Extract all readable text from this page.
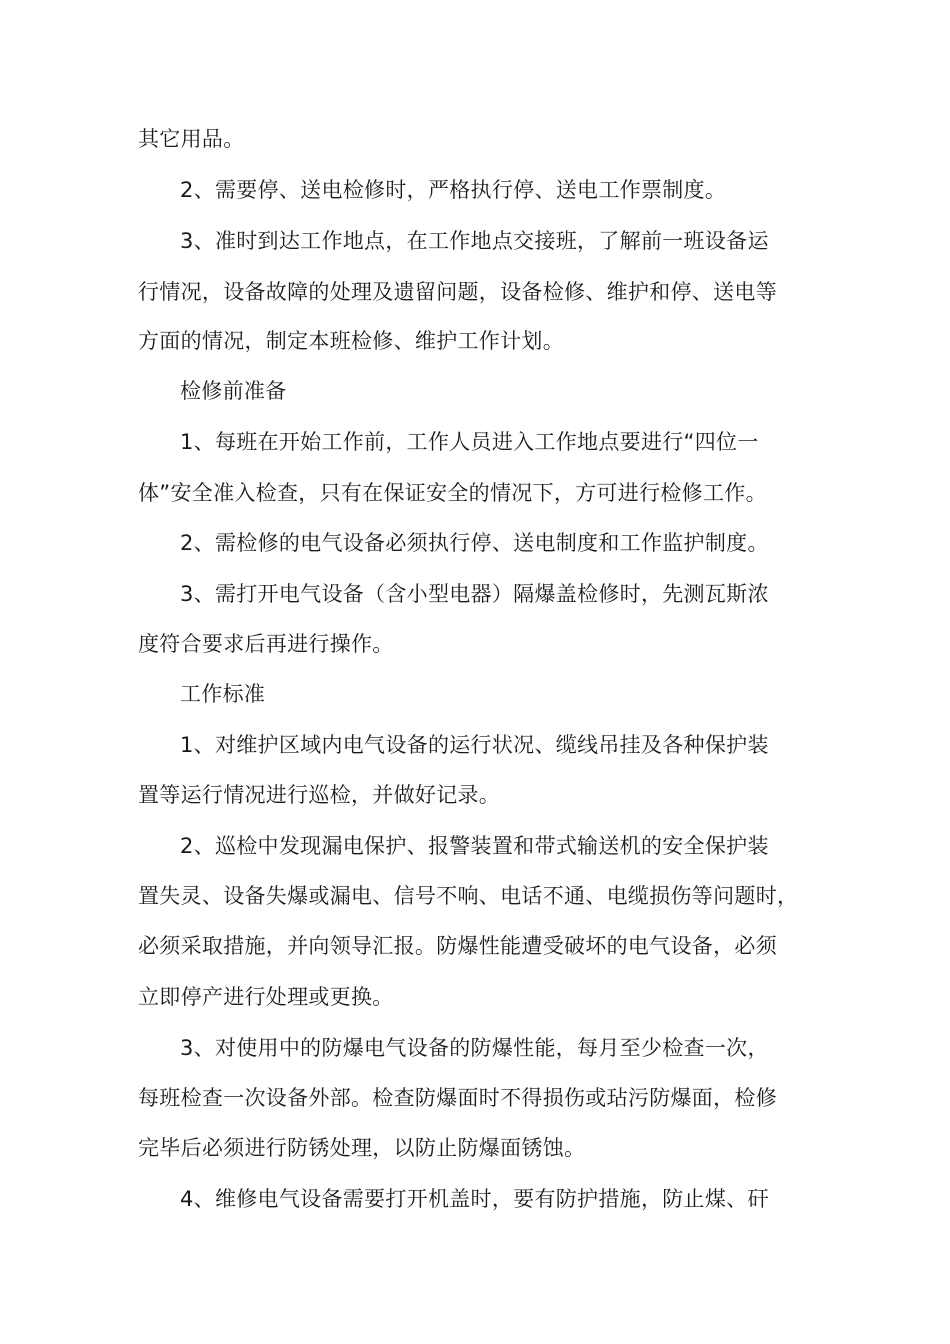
其它用品。
2、需要停、送电检修时，严格执行停、送电工作票制度。
3、准时到达工作地点，在工作地点交接班，了解前一班设备运
行情况，设备故障的处理及遗留问题，设备检修、维护和停、送电等
方面的情况，制定本班检修、维护工作计划。
检修前准备
1、每班在开始工作前，工作人员进入工作地点要进行“四位一
体”安全准入检查，只有在保证安全的情况下，方可进行检修工作。
2、需检修的电气设备必须执行停、送电制度和工作监护制度。
3、需打开电气设备（含小型电器）隔爆盖检修时，先测瓦斯浓
度符合要求后再进行操作。
工作标准
1、对维护区域内电气设备的运行状况、缆线吊挂及各种保护装
置等运行情况进行巡检，并做好记录。
2、巡检中发现漏电保护、报警装置和带式输送机的安全保护装
置失灵、设备失爆或漏电、信号不响、电话不通、电缆损伤等问题时，
必须采取措施，并向领导汇报。防爆性能遭受破坏的电气设备，必须
立即停产进行处理或更换。
3、对使用中的防爆电气设备的防爆性能，每月至少检查一次，
每班检查一次设备外部。检查防爆面时不得损伤或玷污防爆面，检修
完毕后必须进行防锈处理，以防止防爆面锈蚀。
4、维修电气设备需要打开机盖时，要有防护措施，防止煤、矸
